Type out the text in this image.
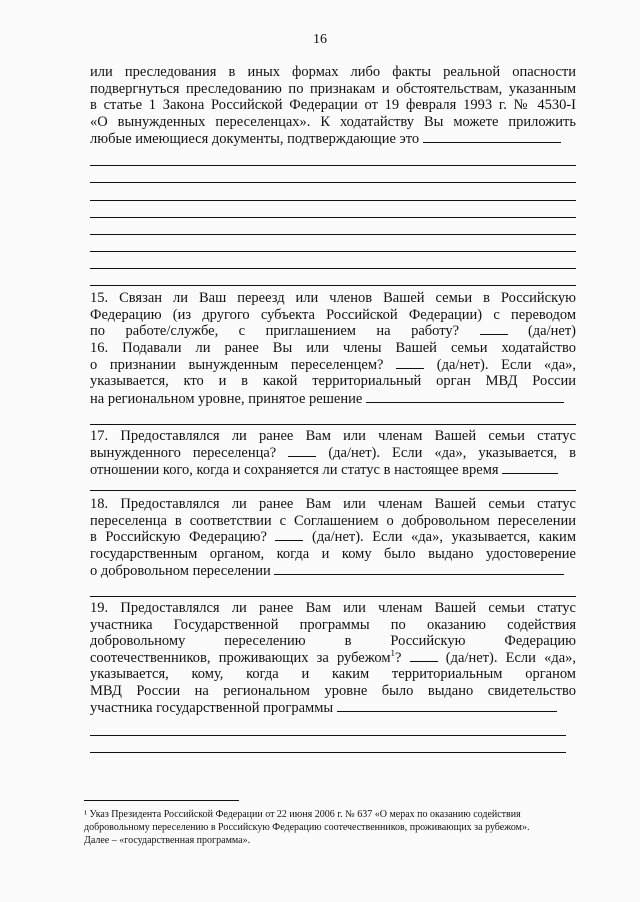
16
или преследования в иных формах либо факты реальной опасности
подвергнуться преследованию по признакам и обстоятельствам, указанным
в статье 1 Закона Российской Федерации от 19 февраля 1993 г. № 4530-I
«О вынужденных переселенцах». К ходатайству Вы можете приложить
любые имеющиеся документы, подтверждающие это
15. Связан ли Ваш переезд или членов Вашей семьи в Российскую
Федерацию (из другого субъекта Российской Федерации) с переводом
по работе/службе, с приглашением на работу?	(да/нет)
16. Подавали ли ранее Вы или члены Вашей семьи ходатайство
о признании вынужденным переселенцем?	(да/нет). Если «да»,
указывается, кто и в какой территориальный орган МВД России
на региональном уровне, принятое решение
17. Предоставлялся ли ранее Вам или членам Вашей семьи статус
вынужденного переселенца?	(да/нет). Если «да», указывается, в
отношении кого, когда и сохраняется ли статус в настоящее время
18. Предоставлялся ли ранее Вам или членам Вашей семьи статус
переселенца в соответствии с Соглашением о добровольном переселении
в Российскую Федерацию?	(да/нет). Если «да», указывается, каким
государственным органом, когда и кому было выдано удостоверение
о добровольном переселении
19. Предоставлялся ли ранее Вам или членам Вашей семьи статус
участника Государственной программы по оказанию содействия
добровольному переселению в Российскую Федерацию
соотечественников, проживающих за рубежом$^1$?	(да/нет). Если «да»,
указывается, кому, когда и каким территориальным органом
МВД России на региональном уровне было выдано свидетельство
участника государственной программы
¹ Указ Президента Российской Федерации от 22 июня 2006 г. № 637 «О мерах по оказанию содействия
добровольному переселению в Российскую Федерацию соотечественников, проживающих за рубежом».
Далее – «государственная программа».
